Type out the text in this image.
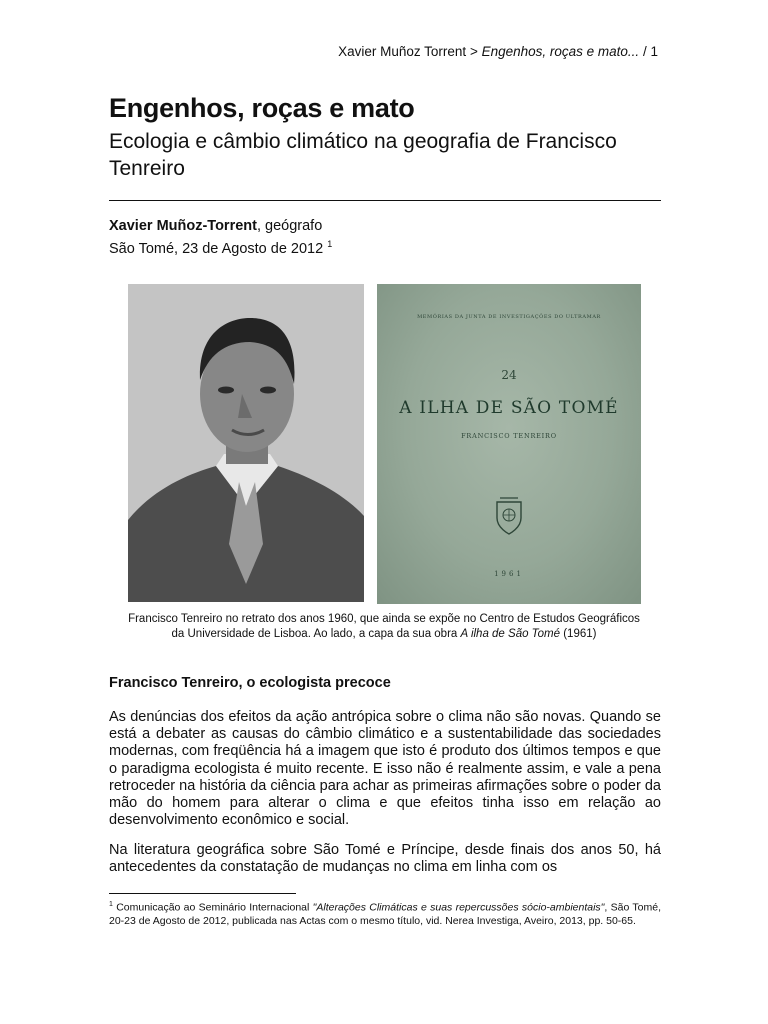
Xavier Muñoz Torrent > Engenhos, roças e mato... / 1
Engenhos, roças e mato
Ecologia e câmbio climático na geografia de Francisco Tenreiro
Xavier Muñoz-Torrent, geógrafo
São Tomé, 23 de Agosto de 2012 $^1$
MEMÓRIAS DA JUNTA DE INVESTIGAÇÕES DO ULTRAMAR
24
A ILHA DE SÃO TOMÉ
FRANCISCO TENREIRO
1961

Francisco Tenreiro no retrato dos anos 1960, que ainda se expõe no Centro de Estudos Geográficos da Universidade de Lisboa. Ao lado, a capa da sua obra A ilha de São Tomé (1961)

Francisco Tenreiro, o ecologista precoce

As denúncias dos efeitos da ação antrópica sobre o clima não são novas. Quando se está a debater as causas do câmbio climático e a sustentabilidade das sociedades modernas, com freqüência há a imagem que isto é produto dos últimos tempos e que o paradigma ecologista é muito recente. E isso não é realmente assim, e vale a pena retroceder na história da ciência para achar as primeiras afirmações sobre o poder da mão do homem para alterar o clima e que efeitos tinha isso em relação ao desenvolvimento econômico e social.

Na literatura geográfica sobre São Tomé e Príncipe, desde finais dos anos 50, há antecedentes da constatação de mudanças no clima em linha com os

$^1$ Comunicação ao Seminário Internacional "Alterações Climáticas e suas repercussões sócio-ambientais", São Tomé, 20-23 de Agosto de 2012, publicada nas Actas com o mesmo título, vid. Nerea Investiga, Aveiro, 2013, pp. 50-65.
